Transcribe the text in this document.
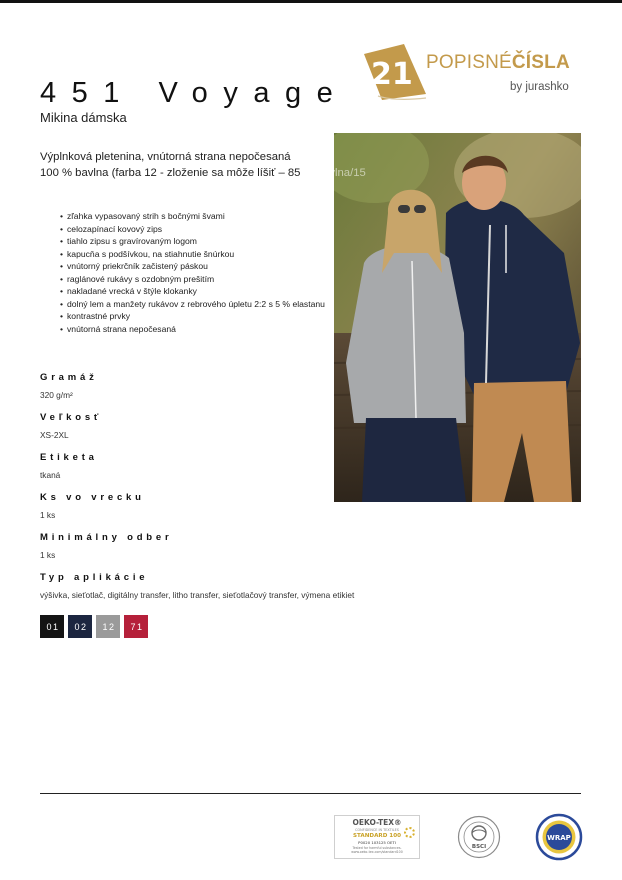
21 POPISNÉČÍSLA
by jurashko
451 Voyage
Mikina dámska
Výplnková pletenina, vnútorná strana nepočesaná

100 % bavlna (farba 12 - zloženie sa môže líšiť – 85 % bavlna/15
• zľahka vypasovaný strih s bočnými švami
• celozapínací kovový zips
• tiahlo zipsu s gravírovaným logom
• kapucňa s podšívkou, na stiahnutie šnúrkou
• vnútorný priekrčník začistený páskou
• raglánové rukávy s ozdobným prešitím
• nakladané vrecká v štýle klokanky
• dolný lem a manžety rukávov z rebrového úpletu 2:2 s 5 % elastanu
• kontrastné prvky
• vnútorná strana nepočesaná
Gramáž
320 g/m²
Veľkosť
XS-2XL
Etiketa
tkaná
Ks vo vrecku
1 ks
Minimálny odber
1 ks
Typ aplikácie
výšivka, sieťotlač, digitálny transfer, litho transfer, sieťotlačový transfer, výmena etikiet
01	02	12	71
OEKO-TEX®
CONFIDENCE IN TEXTILES
STANDARD 100
P0020 103125 OETI
Tested for harmful substances.
www.oeko-tex.com/standard100
BSCI
WRAP
